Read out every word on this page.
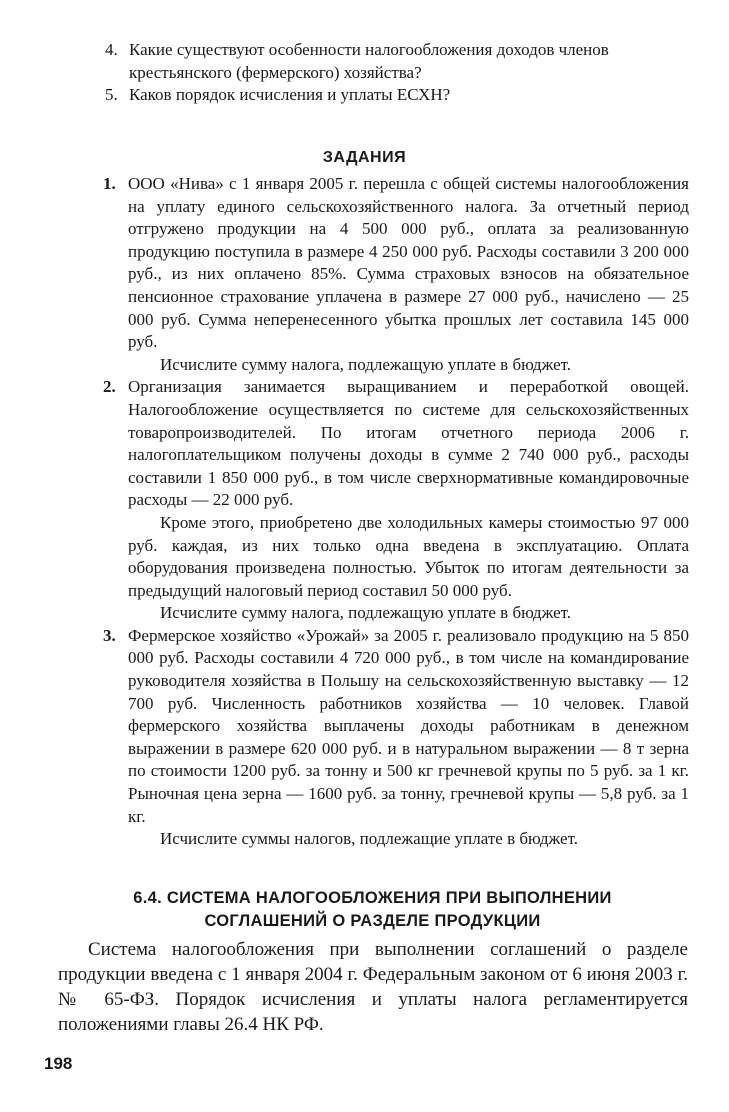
4. Какие существуют особенности налогообложения доходов членов крестьянского (фермерского) хозяйства?
5. Каков порядок исчисления и уплаты ЕСХН?
ЗАДАНИЯ
1. ООО «Нива» с 1 января 2005 г. перешла с общей системы налогообложения на уплату единого сельскохозяйственного налога. За отчетный период отгружено продукции на 4 500 000 руб., оплата за реализованную продукцию поступила в размере 4 250 000 руб. Расходы составили 3 200 000 руб., из них оплачено 85%. Сумма страховых взносов на обязательное пенсионное страхование уплачена в размере 27 000 руб., начислено — 25 000 руб. Сумма неперенесенного убытка прошлых лет составила 145 000 руб.
Исчислите сумму налога, подлежащую уплате в бюджет.
2. Организация занимается выращиванием и переработкой овощей. Налогообложение осуществляется по системе для сельскохозяйственных товаропроизводителей. По итогам отчетного периода 2006 г. налогоплательщиком получены доходы в сумме 2 740 000 руб., расходы составили 1 850 000 руб., в том числе сверхнормативные командировочные расходы — 22 000 руб.
Кроме этого, приобретено две холодильных камеры стоимостью 97 000 руб. каждая, из них только одна введена в эксплуатацию. Оплата оборудования произведена полностью. Убыток по итогам деятельности за предыдущий налоговый период составил 50 000 руб.
Исчислите сумму налога, подлежащую уплате в бюджет.
3. Фермерское хозяйство «Урожай» за 2005 г. реализовало продукцию на 5 850 000 руб. Расходы составили 4 720 000 руб., в том числе на командирование руководителя хозяйства в Польшу на сельскохозяйственную выставку — 12 700 руб. Численность работников хозяйства — 10 человек. Главой фермерского хозяйства выплачены доходы работникам в денежном выражении в размере 620 000 руб. и в натуральном выражении — 8 т зерна по стоимости 1200 руб. за тонну и 500 кг гречневой крупы по 5 руб. за 1 кг. Рыночная цена зерна — 1600 руб. за тонну, гречневой крупы — 5,8 руб. за 1 кг.
Исчислите суммы налогов, подлежащие уплате в бюджет.
6.4. СИСТЕМА НАЛОГООБЛОЖЕНИЯ ПРИ ВЫПОЛНЕНИИ
СОГЛАШЕНИЙ О РАЗДЕЛЕ ПРОДУКЦИИ
Система налогообложения при выполнении соглашений о разделе продукции введена с 1 января 2004 г. Федеральным законом от 6 июня 2003 г. № 65-ФЗ. Порядок исчисления и уплаты налога регламентируется положениями главы 26.4 НК РФ.
198
